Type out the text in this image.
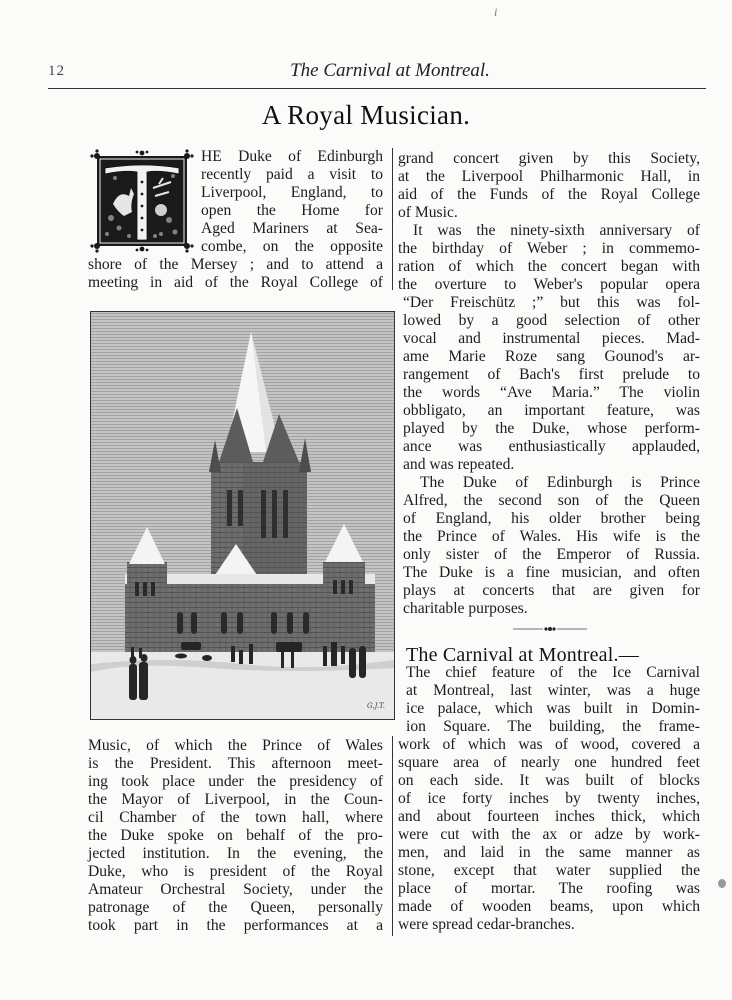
i
12	The Carnival at Montreal.
A Royal Musician.
HE Duke of Edinburgh
recently paid a visit to
Liverpool, England, to
open the Home for
Aged Mariners at Sea-
combe, on the opposite
shore of the Mersey ; and to attend a
meeting in aid of the Royal College of
G.J.T.
Music, of which the Prince of Wales
is the President. This afternoon meet-
ing took place under the presidency of
the Mayor of Liverpool, in the Coun-
cil Chamber of the town hall, where
the Duke spoke on behalf of the pro-
jected institution. In the evening, the
Duke, who is president of the Royal
Amateur Orchestral Society, under the
patronage of the Queen, personally
took part in the performances at a
grand concert given by this Society,
at the Liverpool Philharmonic Hall, in
aid of the Funds of the Royal College
of Music.
It was the ninety-sixth anniversary of
the birthday of Weber ; in commemo-
ration of which the concert began with
the overture to Weber's popular opera
“Der Freischütz ;” but this was fol-
lowed by a good selection of other
vocal and instrumental pieces. Mad-
ame Marie Roze sang Gounod's ar-
rangement of Bach's first prelude to
the words “Ave Maria.” The violin
obbligato, an important feature, was
played by the Duke, whose perform-
ance was enthusiastically applauded,
and was repeated.
The Duke of Edinburgh is Prince
Alfred, the second son of the Queen
of England, his older brother being
the Prince of Wales. His wife is the
only sister of the Emperor of Russia.
The Duke is a fine musician, and often
plays at concerts that are given for
charitable purposes.
The Carnival at Montreal.—
The chief feature of the Ice Carnival
at Montreal, last winter, was a huge
ice palace, which was built in Domin-
ion Square. The building, the frame-
work of which was of wood, covered a
square area of nearly one hundred feet
on each side. It was built of blocks
of ice forty inches by twenty inches,
and about fourteen inches thick, which
were cut with the ax or adze by work-
men, and laid in the same manner as
stone, except that water supplied the
place of mortar. The roofing was
made of wooden beams, upon which
were spread cedar-branches.
